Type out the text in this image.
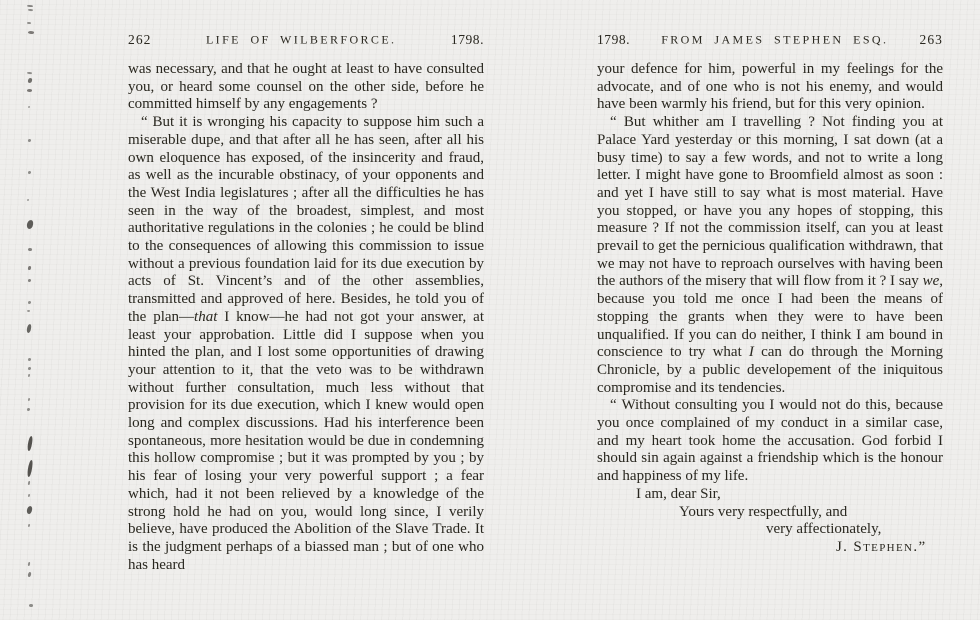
262	LIFE OF WILBERFORCE.	1798.

was necessary, and that he ought at least to have consulted you, or heard some counsel on the other side, before he committed himself by any engagements ?

“ But it is wronging his capacity to suppose him such a miserable dupe, and that after all he has seen, after all his own eloquence has exposed, of the insincerity and fraud, as well as the incurable obstinacy, of your opponents and the West India legislatures ; after all the difficulties he has seen in the way of the broadest, simplest, and most authoritative regulations in the colonies ; he could be blind to the consequences of allowing this commission to issue without a previous foundation laid for its due execution by acts of St. Vincent’s and of the other assemblies, transmitted and approved of here. Besides, he told you of the plan—that I know—he had not got your answer, at least your approbation. Little did I suppose when you hinted the plan, and I lost some opportunities of drawing your attention to it, that the veto was to be withdrawn without further consultation, much less without that provision for its due execution, which I knew would open long and complex discussions. Had his interference been spontaneous, more hesitation would be due in condemning this hollow compromise ; but it was prompted by you ; by his fear of losing your very powerful support ; a fear which, had it not been relieved by a knowledge of the strong hold he had on you, would long since, I verily believe, have produced the Abolition of the Slave Trade. It is the judgment perhaps of a biassed man ; but of one who has heard

1798.	FROM JAMES STEPHEN ESQ. 263

your defence for him, powerful in my feelings for the advocate, and of one who is not his enemy, and would have been warmly his friend, but for this very opinion.

“ But whither am I travelling ? Not finding you at Palace Yard yesterday or this morning, I sat down (at a busy time) to say a few words, and not to write a long letter. I might have gone to Broomfield almost as soon : and yet I have still to say what is most material. Have you stopped, or have you any hopes of stopping, this measure ? If not the commission itself, can you at least prevail to get the pernicious qualification withdrawn, that we may not have to reproach ourselves with having been the authors of the misery that will flow from it ? I say we, because you told me once I had been the means of stopping the grants when they were to have been unqualified. If you can do neither, I think I am bound in conscience to try what I can do through the Morning Chronicle, by a public developement of the iniquitous compromise and its tendencies.

“ Without consulting you I would not do this, because you once complained of my conduct in a similar case, and my heart took home the accusation. God forbid I should sin again against a friendship which is the honour and happiness of my life.

I am, dear Sir,

Yours very respectfully, and

very affectionately,

J. Stephen.”
